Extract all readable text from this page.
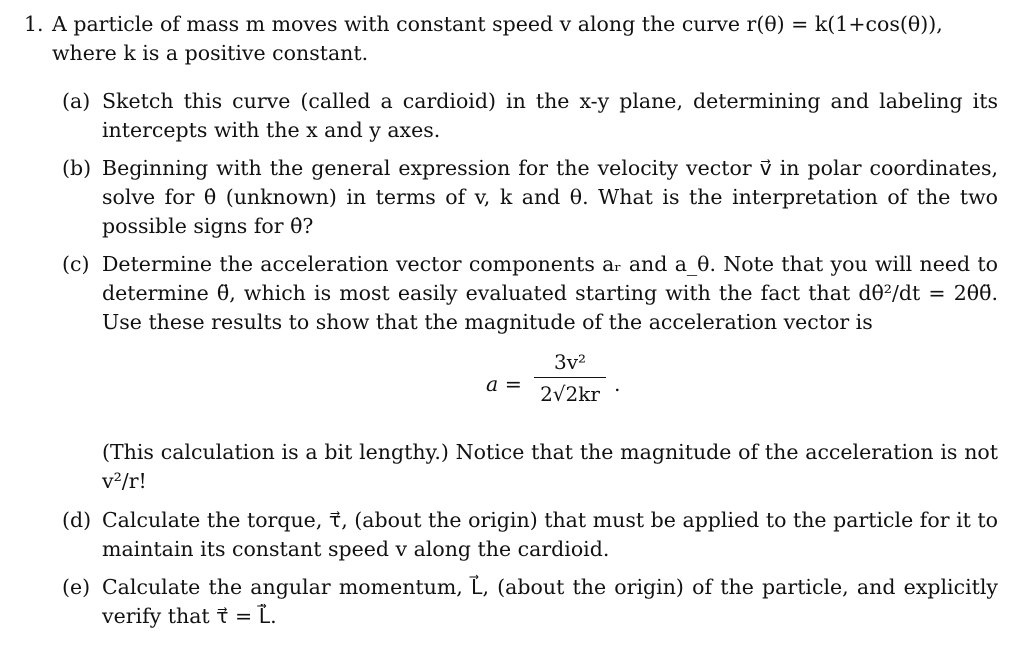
1. A particle of mass m moves with constant speed v along the curve r(θ) = k(1+cos(θ)), where k is a positive constant.
(a) Sketch this curve (called a cardioid) in the x-y plane, determining and labeling its intercepts with the x and y axes.
(b) Beginning with the general expression for the velocity vector v⃗ in polar coordinates, solve for θ̇ (unknown) in terms of v, k and θ. What is the interpretation of the two possible signs for θ̇?
(c) Determine the acceleration vector components aᵣ and a_θ. Note that you will need to determine θ̈, which is most easily evaluated starting with the fact that dθ̇²/dt = 2θ̇θ̈. Use these results to show that the magnitude of the acceleration vector is
a =
3v²
2√2kr .
(This calculation is a bit lengthy.) Notice that the magnitude of the acceleration is not v²/r!
(d) Calculate the torque, τ⃗, (about the origin) that must be applied to the particle for it to maintain its constant speed v along the cardioid.
(e) Calculate the angular momentum, L⃗, (about the origin) of the particle, and explicitly verify that τ⃗ = L⃗̇.
